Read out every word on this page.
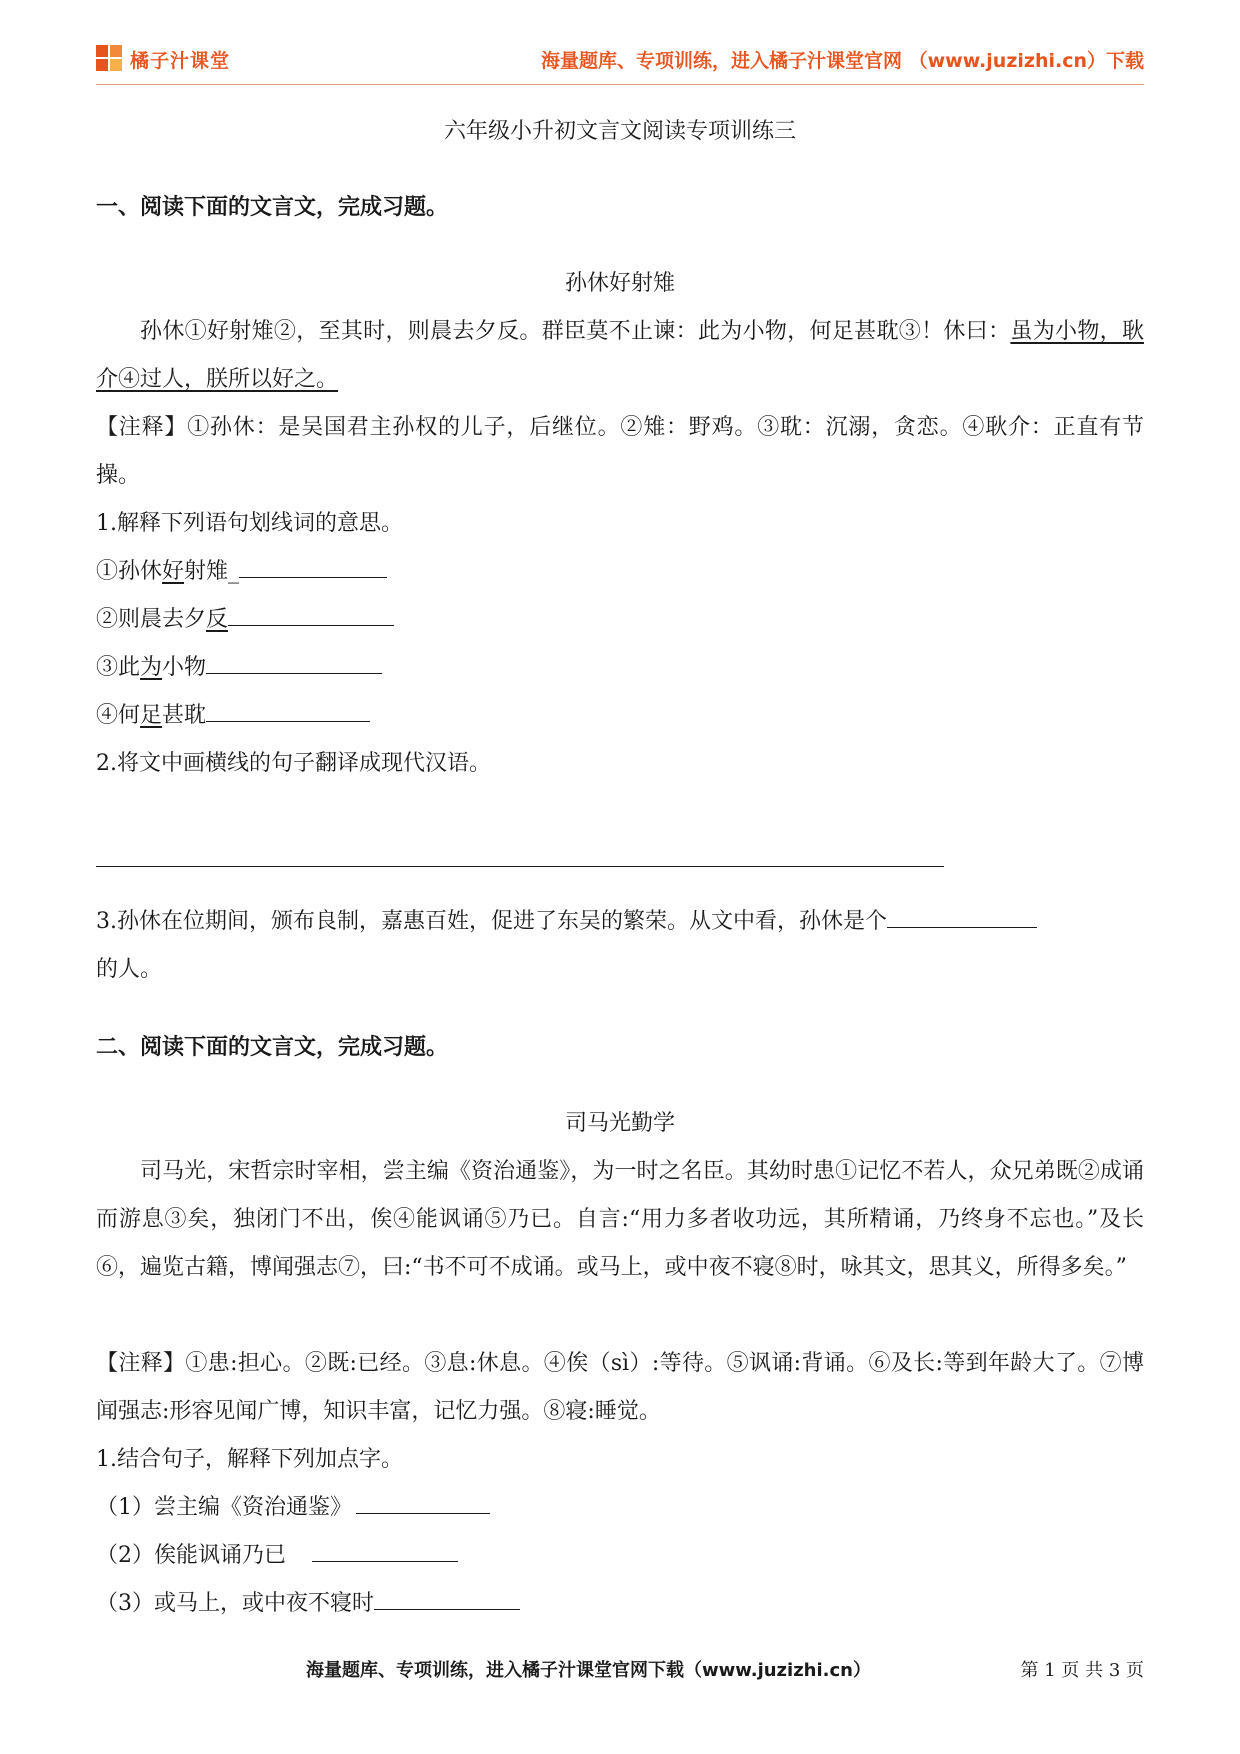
橘子汁课堂	海量题库、专项训练，进入橘子汁课堂官网 （www.juzizhi.cn）下载
六年级小升初文言文阅读专项训练三
一、阅读下面的文言文，完成习题。
孙休好射雉
孙休①好射雉②，至其时，则晨去夕反。群臣莫不止谏：此为小物，何足甚耽③！休曰：虽为小物，耿介④过人，朕所以好之。
【注释】①孙休：是吴国君主孙权的儿子，后继位。②雉：野鸡。③耽：沉溺，贪恋。④耿介：正直有节操。
1.解释下列语句划线词的意思。
①孙休好射雉_
②则晨去夕反
③此为小物
④何足甚耽
2.将文中画横线的句子翻译成现代汉语。
3.孙休在位期间，颁布良制，嘉惠百姓，促进了东吴的繁荣。从文中看，孙休是个
的人。
二、阅读下面的文言文，完成习题。
司马光勤学
司马光，宋哲宗时宰相，尝主编《资治通鉴》，为一时之名臣。其幼时患①记忆不若人，众兄弟既②成诵而游息③矣，独闭门不出，俟④能讽诵⑤乃已。自言:“用力多者收功远，其所精诵，乃终身不忘也。”及长⑥，遍览古籍，博闻强志⑦，曰:“书不可不成诵。或马上，或中夜不寝⑧时，咏其文，思其义，所得多矣。”
【注释】①患:担心。②既:已经。③息:休息。④俟（sì）:等待。⑤讽诵:背诵。⑥及长:等到年龄大了。⑦博闻强志:形容见闻广博，知识丰富，记忆力强。⑧寝:睡觉。
1.结合句子，解释下列加点字。
（1）尝主编《资治通鉴》
（2）俟能讽诵乃已
（3）或马上，或中夜不寝时
海量题库、专项训练，进入橘子汁课堂官网下载（www.juzizhi.cn）	第 1 页 共 3 页
